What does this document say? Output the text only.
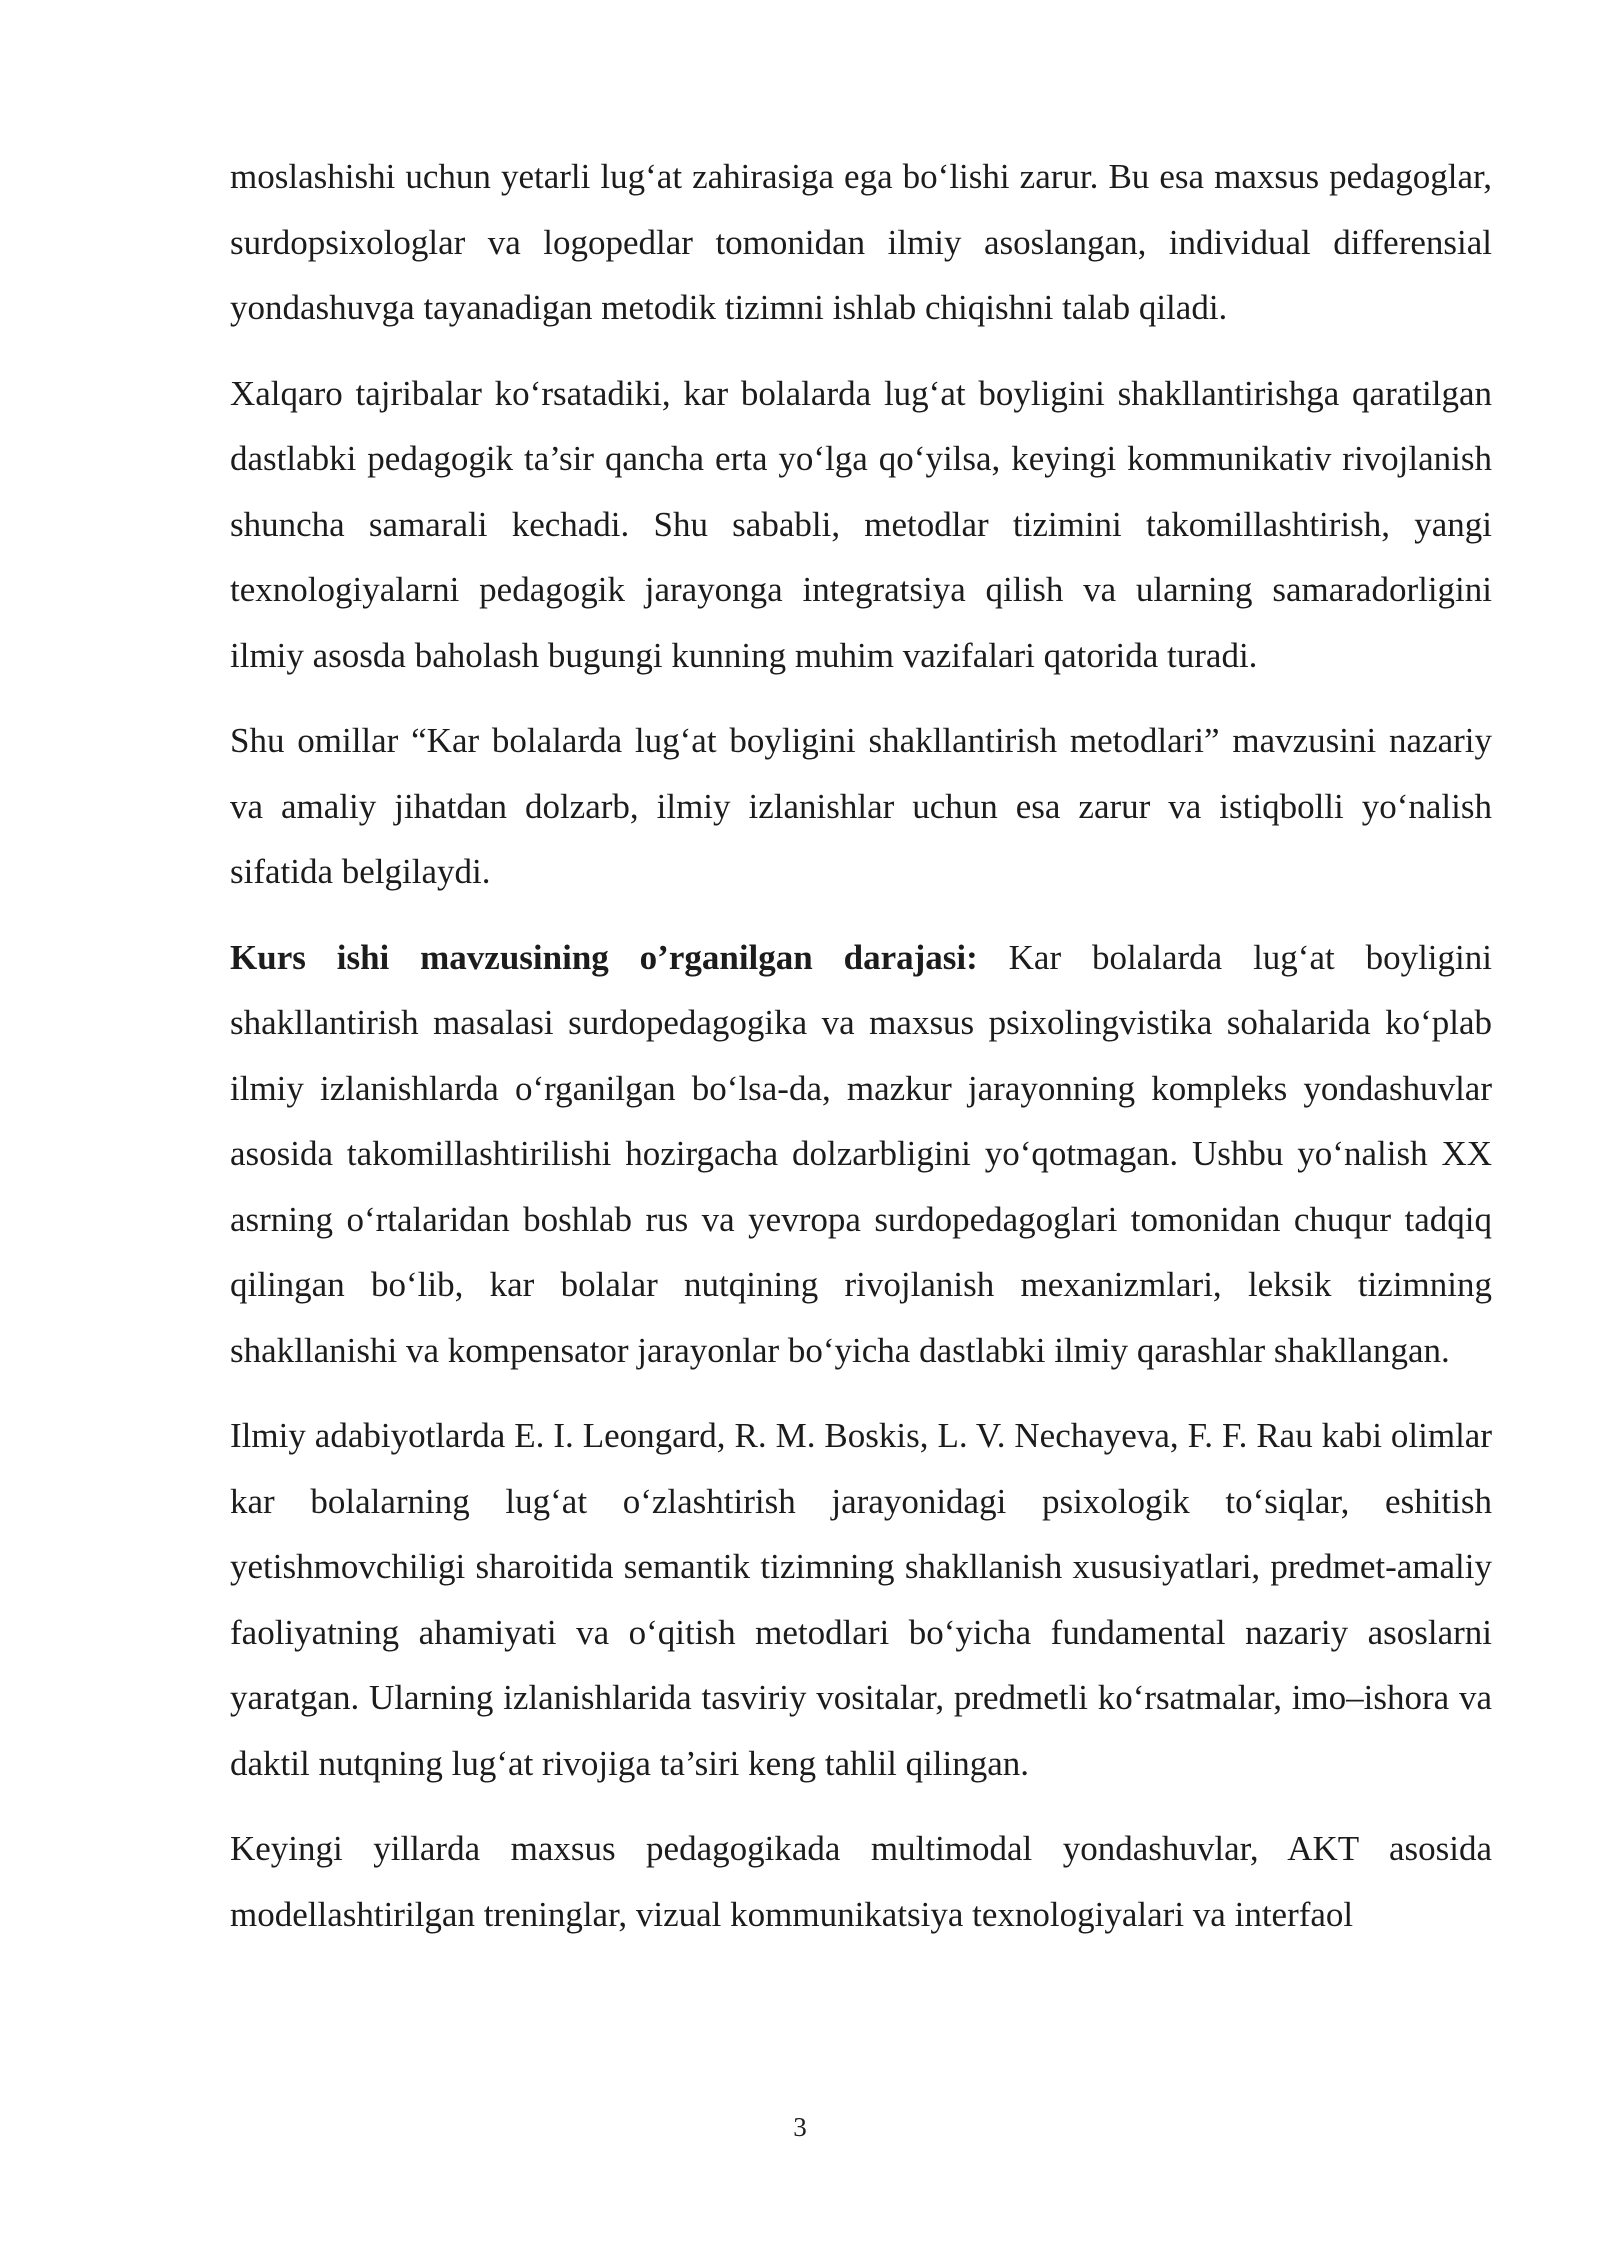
moslashishi uchun yetarli lug‘at zahirasiga ega bo‘lishi zarur. Bu esa maxsus pedagoglar, surdopsixologlar va logopedlar tomonidan ilmiy asoslangan, individual differensial yondashuvga tayanadigan metodik tizimni ishlab chiqishni talab qiladi.

Xalqaro tajribalar ko‘rsatadiki, kar bolalarda lug‘at boyligini shakllantirishga qaratilgan dastlabki pedagogik ta’sir qancha erta yo‘lga qo‘yilsa, keyingi kommunikativ rivojlanish shuncha samarali kechadi. Shu sababli, metodlar tizimini takomillashtirish, yangi texnologiyalarni pedagogik jarayonga integratsiya qilish va ularning samaradorligini ilmiy asosda baholash bugungi kunning muhim vazifalari qatorida turadi.

Shu omillar “Kar bolalarda lug‘at boyligini shakllantirish metodlari” mavzusini nazariy va amaliy jihatdan dolzarb, ilmiy izlanishlar uchun esa zarur va istiqbolli yo‘nalish sifatida belgilaydi.

Kurs ishi mavzusining o’rganilgan darajasi: Kar bolalarda lug‘at boyligini shakllantirish masalasi surdopedagogika va maxsus psixolingvistika sohalarida ko‘plab ilmiy izlanishlarda o‘rganilgan bo‘lsa-da, mazkur jarayonning kompleks yondashuvlar asosida takomillashtirilishi hozirgacha dolzarbligini yo‘qotmagan. Ushbu yo‘nalish XX asrning o‘rtalaridan boshlab rus va yevropa surdopedagoglari tomonidan chuqur tadqiq qilingan bo‘lib, kar bolalar nutqining rivojlanish mexanizmlari, leksik tizimning shakllanishi va kompensator jarayonlar bo‘yicha dastlabki ilmiy qarashlar shakllangan.

Ilmiy adabiyotlarda E. I. Leongard, R. M. Boskis, L. V. Nechayeva, F. F. Rau kabi olimlar kar bolalarning lug‘at o‘zlashtirish jarayonidagi psixologik to‘siqlar, eshitish yetishmovchiligi sharoitida semantik tizimning shakllanish xususiyatlari, predmet-amaliy faoliyatning ahamiyati va o‘qitish metodlari bo‘yicha fundamental nazariy asoslarni yaratgan. Ularning izlanishlarida tasviriy vositalar, predmetli ko‘rsatmalar, imo–ishora va daktil nutqning lug‘at rivojiga ta’siri keng tahlil qilingan.

Keyingi yillarda maxsus pedagogikada multimodal yondashuvlar, AKT asosida modellashtirilgan treninglar, vizual kommunikatsiya texnologiyalari va interfaol

3
